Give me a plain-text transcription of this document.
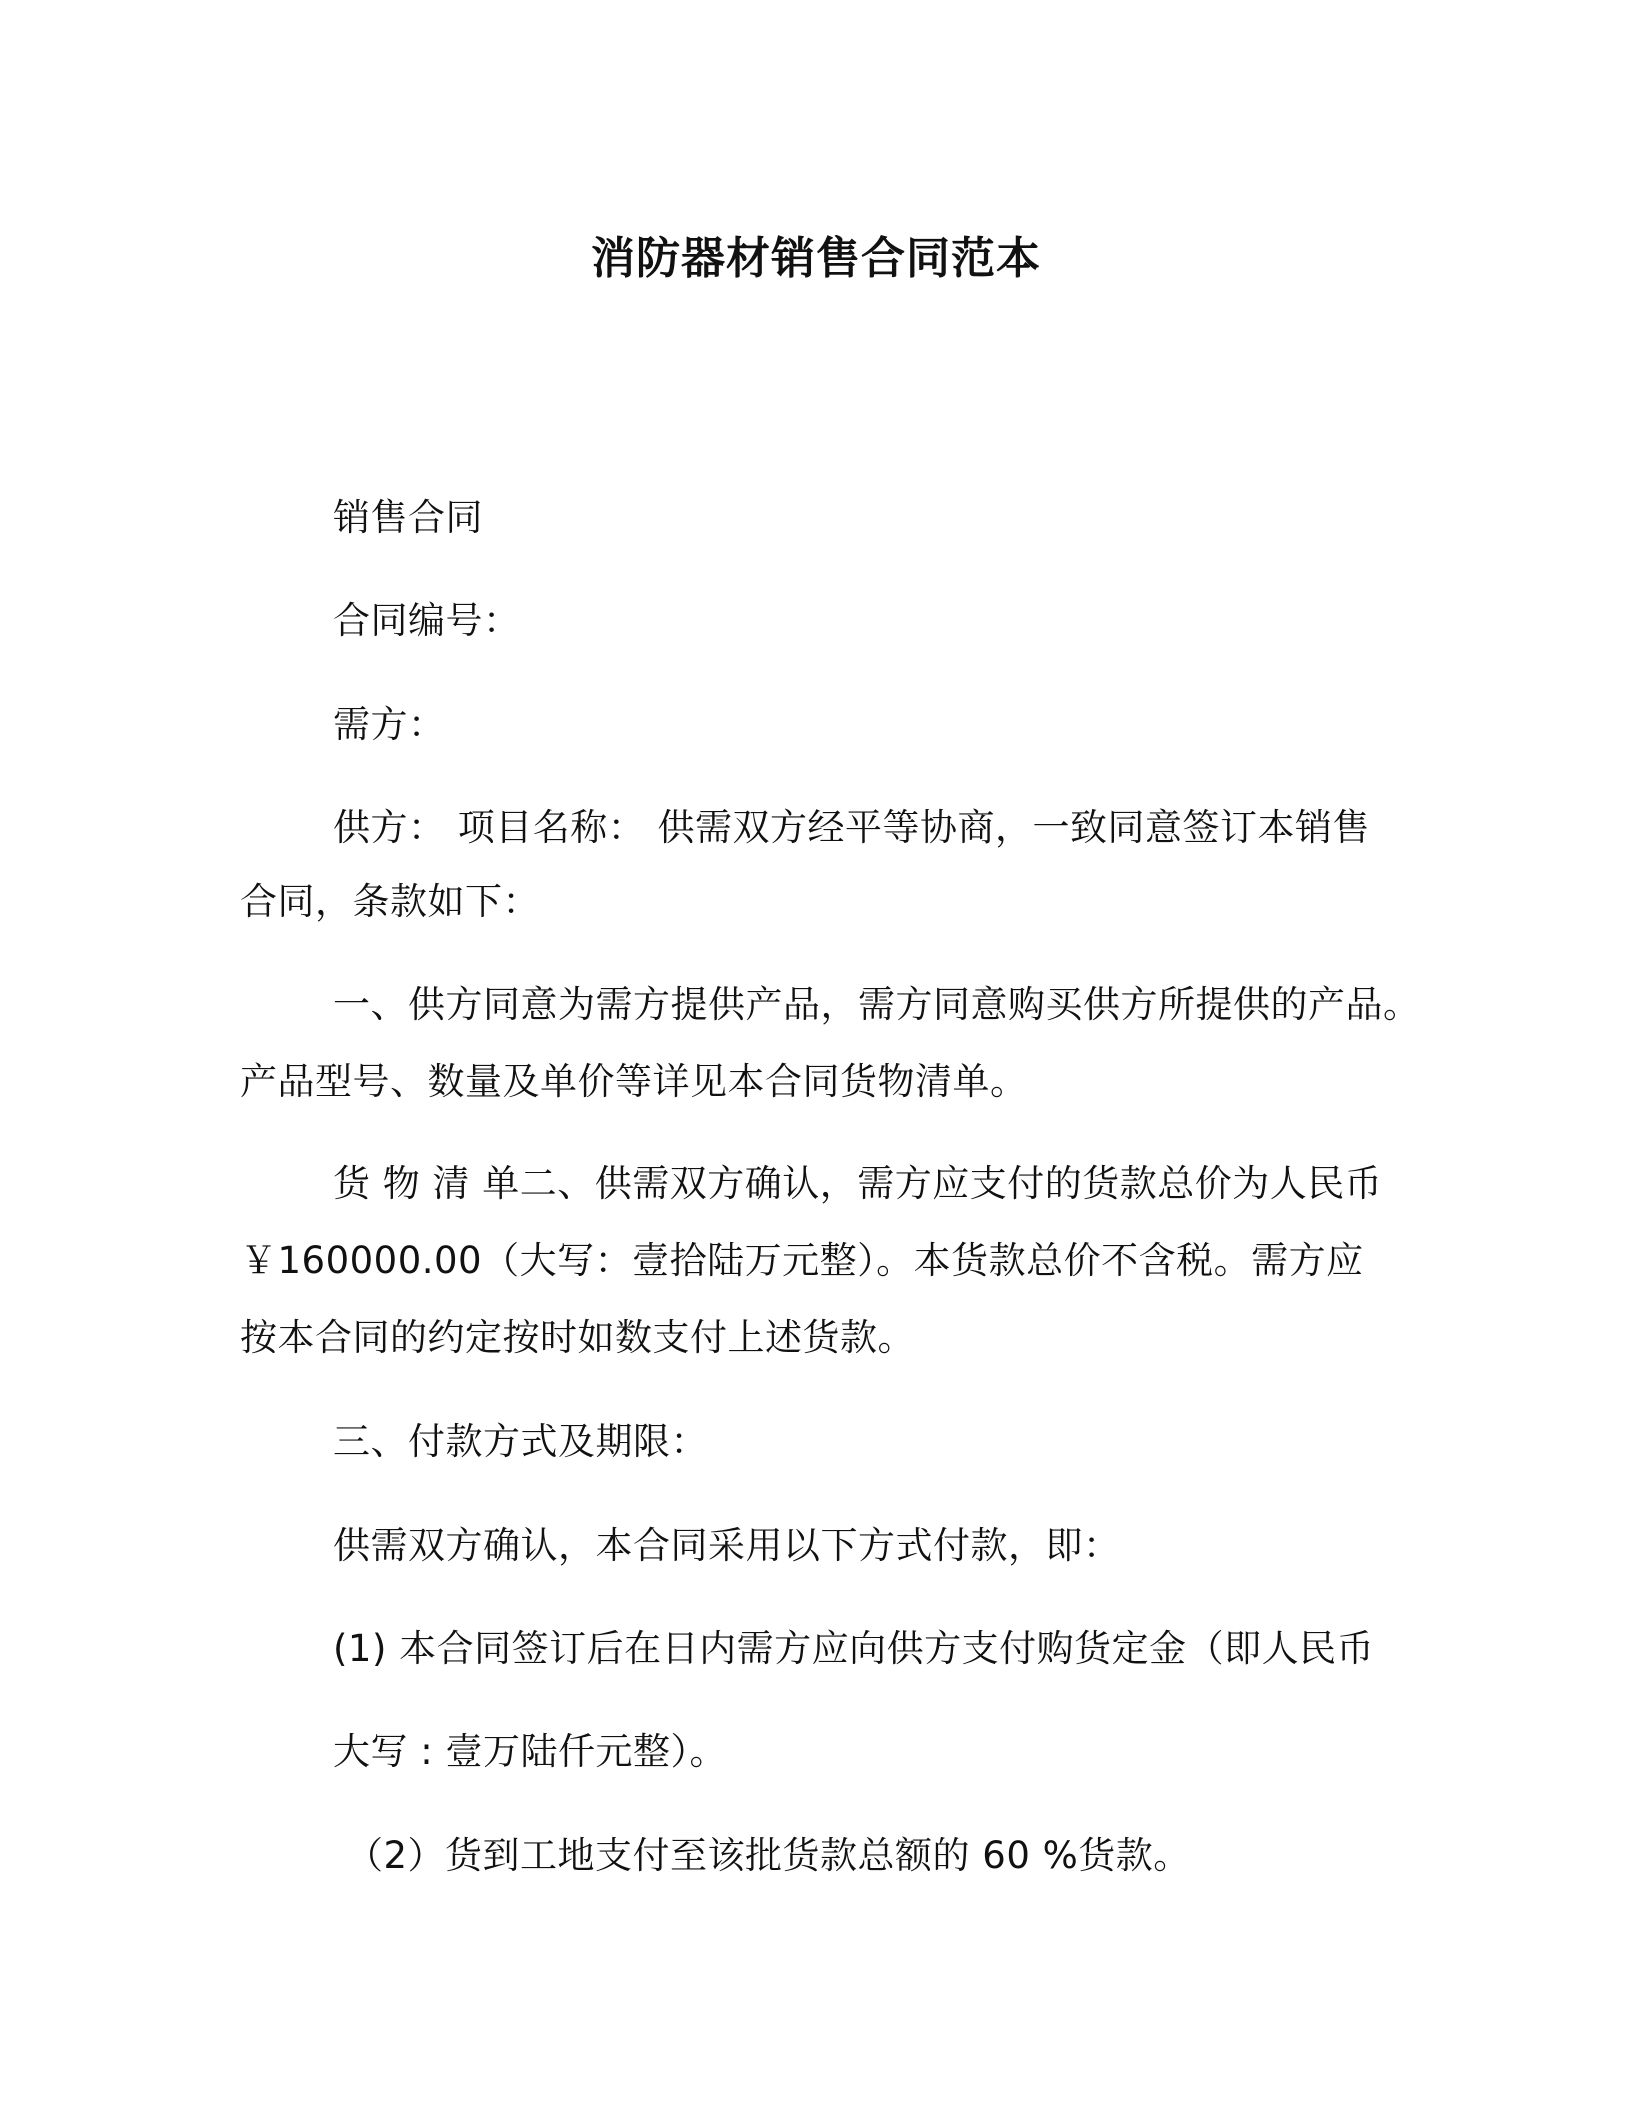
消防器材销售合同范本
销售合同
合同编号：
需方：
供方： 项目名称： 供需双方经平等协商，一致同意签订本销售
合同，条款如下：
一、供方同意为需方提供产品，需方同意购买供方所提供的产品。
产品型号、数量及单价等详见本合同货物清单。
货 物 清 单二、供需双方确认，需方应支付的货款总价为人民币
￥160000.00（大写：壹拾陆万元整）。本货款总价不含税。需方应
按本合同的约定按时如数支付上述货款。
三、付款方式及期限：
供需双方确认，本合同采用以下方式付款，即：
(1) 本合同签订后在日内需方应向供方支付购货定金（即人民币
大写 : 壹万陆仟元整）。
（2）货到工地支付至该批货款总额的 60 %货款。
